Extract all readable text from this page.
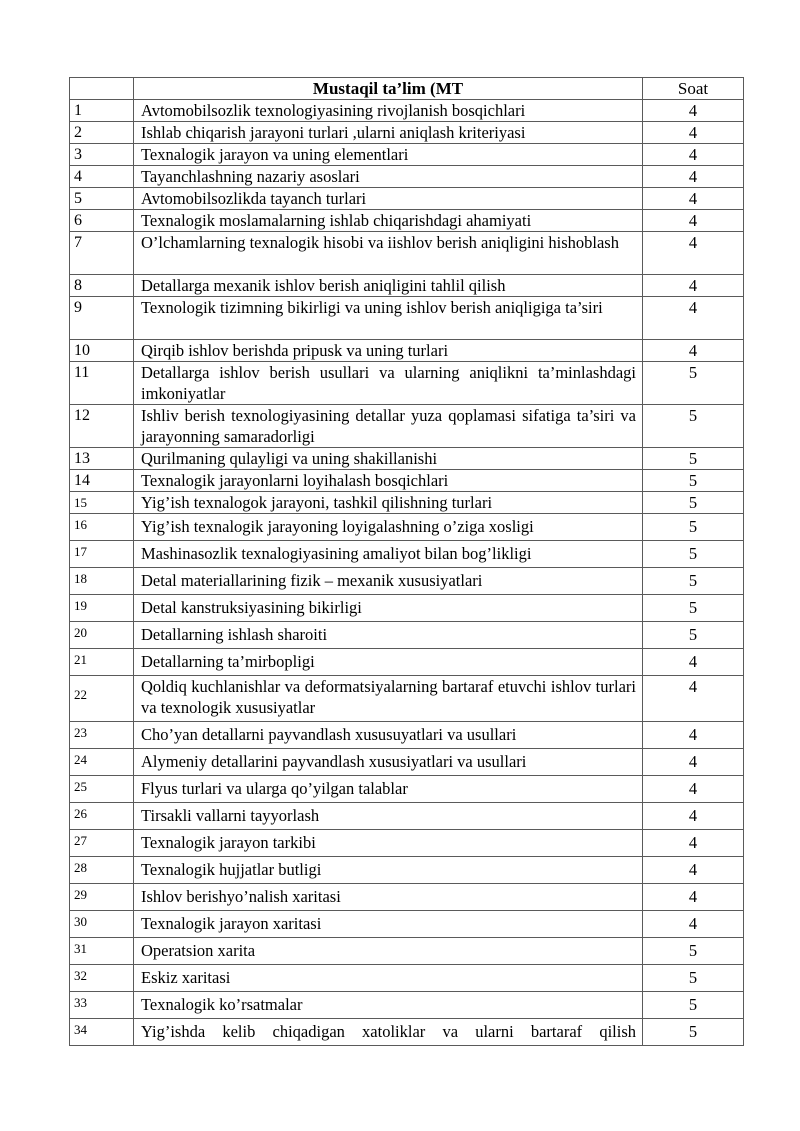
	Mustaqil ta’lim (MT	Soat
1	Avtomobilsozlik texnologiyasining rivojlanish bosqichlari	4
2	Ishlab chiqarish jarayoni turlari ,ularni aniqlash kriteriyasi	4
3	Texnalogik jarayon va uning elementlari	4
4	Tayanchlashning nazariy asoslari	4
5	Avtomobilsozlikda tayanch turlari	4
6	Texnalogik moslamalarning ishlab chiqarishdagi ahamiyati	4
7	O’lchamlarning texnalogik hisobi va iishlov berish aniqligini hishoblash	4
8	Detallarga mexanik ishlov berish aniqligini tahlil qilish	4
9	Texnologik tizimning bikirligi va uning ishlov berish aniqligiga ta’siri	4
10	Qirqib ishlov berishda pripusk va uning turlari	4
11	Detallarga ishlov berish usullari va ularning aniqlikni ta’minlashdagi imkoniyatlar	5
12	Ishliv berish texnologiyasining detallar yuza qoplamasi sifatiga ta’siri va jarayonning samaradorligi	5
13	Qurilmaning qulayligi va uning shakillanishi	5
14	Texnalogik jarayonlarni loyihalash bosqichlari	5
15	Yig’ish texnalogok jarayoni, tashkil qilishning turlari	5
16	Yig’ish texnalogik jarayoning loyigalashning o’ziga xosligi	5
17	Mashinasozlik texnalogiyasining amaliyot bilan bog’likligi	5
18	Detal materiallarining fizik – mexanik xususiyatlari	5
19	Detal kanstruksiyasining bikirligi	5
20	Detallarning ishlash sharoiti	5
21	Detallarning ta’mirbopligi	4
22	Qoldiq kuchlanishlar va deformatsiyalarning bartaraf etuvchi ishlov turlari va texnologik xususiyatlar	4
23	Cho’yan detallarni payvandlash xususuyatlari va usullari	4
24	Alymeniy detallarini payvandlash xususiyatlari va usullari	4
25	Flyus turlari va ularga qo’yilgan talablar	4
26	Tirsakli vallarni tayyorlash	4
27	Texnalogik jarayon tarkibi	4
28	Texnalogik hujjatlar butligi	4
29	Ishlov berishyo’nalish xaritasi	4
30	Texnalogik jarayon xaritasi	4
31	Operatsion xarita	5
32	Eskiz xaritasi	5
33	Texnalogik ko’rsatmalar	5
34	Yig’ishda kelib chiqadigan xatoliklar va ularni bartaraf qilish	5
